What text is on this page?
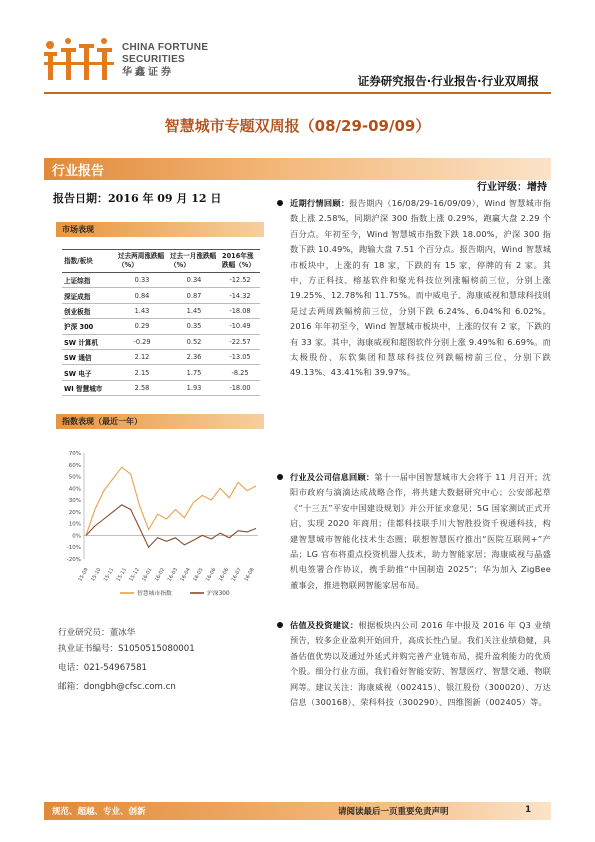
CHINA FORTUNE
SECURITIES
华鑫证券
证券研究报告·行业报告·行业双周报
智慧城市专题双周报（08/29-09/09）
行业报告
报告日期：2016 年 09 月 12 日
行业评级：增持
市场表现
指数/板块	过去两周涨跌幅（%）	过去一月涨跌幅（%）	2016年涨跌幅（%）
上证综指	0.33	0.34	-12.52
深证成指	0.84	0.87	-14.32
创业板指	1.43	1.45	-18.08
沪深 300	0.29	0.35	-10.49
SW 计算机	-0.29	0.52	-22.57
SW 通信	2.12	2.36	-13.05
SW 电子	2.15	1.75	-8.25
WI 智慧城市	2.58	1.93	-18.00
指数表现（最近一年）
70%
60%
50%
40%
30%
20%
10%
0%
-10%
-20%
15-09 15-10 15-11 15-11 15-12 16-01 16-02 16-03 16-04 16-05 16-06 16-06 16-07 16-08
智慧城市指数	沪深300
行业研究员：董冰华
执业证书编号：S1050515080001
电话：021-54967581
邮箱：dongbh@cfsc.com.cn
近期行情回顾：报告期内（16/08/29-16/09/09），Wind 智慧城市指数上涨 2.58%，同期沪深 300 指数上涨 0.29%，跑赢大盘 2.29 个百分点。年初至今，Wind 智慧城市指数下跌 18.00%，沪深 300 指数下跌 10.49%，跑输大盘 7.51 个百分点。报告期内，Wind 智慧城市板块中，上涨的有 18 家，下跌的有 15 家，停牌的有 2 家。其中，方正科技、榕基软件和聚光科技位列涨幅榜前三位，分别上涨 19.25%、12.78%和 11.75%。而中威电子、海康威视和慧球科技则是过去两周跌幅榜前三位，分别下跌 6.24%、6.04%和 6.02%。2016 年年初至今，Wind 智慧城市板块中，上涨的仅有 2 家，下跌的有 33 家。其中，海康威视和超图软件分别上涨 9.49%和 6.69%。而太极股份、东软集团和慧球科技位列跌幅榜前三位，分别下跌 49.13%、43.41%和 39.97%。
行业及公司信息回顾：第十一届中国智慧城市大会将于 11 月召开；沈阳市政府与滴滴达成战略合作，将共建大数据研究中心；公安部起草《“十三五”平安中国建设规划》并公开征求意见；5G 国家测试正式开启，实现 2020 年商用；佳都科技联手川大智胜投资千视通科技，构建智慧城市智能化技术生态圈；联想智慧医疗推出“医院互联网+”产品；LG 官布将重点投资机器人技术，助力智能家居；海康威视与晶盛机电签署合作协议，携手助推“中国制造 2025”；华为加入 ZigBee 董事会，推进物联网智能家居布局。
估值及投资建议：根据板块内公司 2016 年中报及 2016 年 Q3 业绩预告，较多企业盈利开始回升，高成长性凸显。我们关注业绩稳健，具备估值优势以及通过外延式并购完善产业链布局，提升盈利能力的优质个股。细分行业方面，我们看好智能安防、智慧医疗、智慧交通、物联网等。建议关注：海康威视（002415）、银江股份（300020）、万达信息（300168）、荣科科技（300290）、四维图新（002405）等。
规范、超越、专业、创新	请阅读最后一页重要免责声明	1
